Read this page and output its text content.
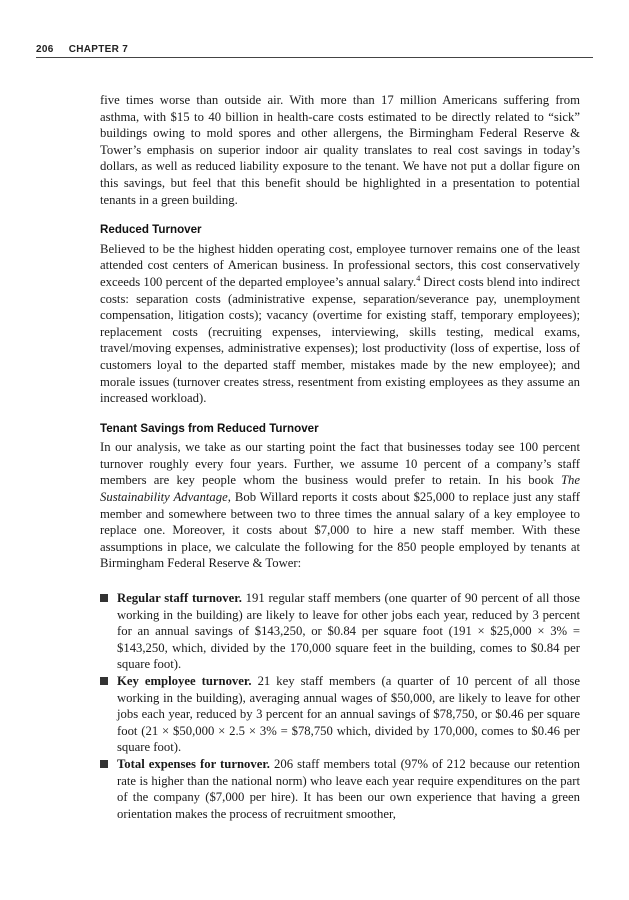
206 CHAPTER 7

five times worse than outside air. With more than 17 million Americans suffering from asthma, with $15 to 40 billion in health-care costs estimated to be directly related to “sick” buildings owing to mold spores and other allergens, the Birmingham Federal Reserve & Tower’s emphasis on superior indoor air quality translates to real cost savings in today’s dollars, as well as reduced liability exposure to the tenant. We have not put a dollar figure on this savings, but feel that this benefit should be highlighted in a presentation to potential tenants in a green building.

Reduced Turnover

Believed to be the highest hidden operating cost, employee turnover remains one of the least attended cost centers of American business. In professional sectors, this cost conservatively exceeds 100 percent of the departed employee’s annual salary.$^4$ Direct costs blend into indirect costs: separation costs (administrative expense, separation/severance pay, unemployment compensation, litigation costs); vacancy (overtime for existing staff, temporary employees); replacement costs (recruiting expenses, interviewing, skills testing, medical exams, travel/moving expenses, administrative expenses); lost productivity (loss of expertise, loss of customers loyal to the departed staff member, mistakes made by the new employee); and morale issues (turnover creates stress, resentment from existing employees as they assume an increased workload).

Tenant Savings from Reduced Turnover

In our analysis, we take as our starting point the fact that businesses today see 100 percent turnover roughly every four years. Further, we assume 10 percent of a company’s staff members are key people whom the business would prefer to retain. In his book The Sustainability Advantage, Bob Willard reports it costs about $25,000 to replace just any staff member and somewhere between two to three times the annual salary of a key employee to replace one. Moreover, it costs about $7,000 to hire a new staff member. With these assumptions in place, we calculate the following for the 850 people employed by tenants at Birmingham Federal Reserve & Tower:

Regular staff turnover. 191 regular staff members (one quarter of 90 percent of all those working in the building) are likely to leave for other jobs each year, reduced by 3 percent for an annual savings of $143,250, or $0.84 per square foot (191 × $25,000 × 3% = $143,250, which, divided by the 170,000 square feet in the building, comes to $0.84 per square foot).
Key employee turnover. 21 key staff members (a quarter of 10 percent of all those working in the building), averaging annual wages of $50,000, are likely to leave for other jobs each year, reduced by 3 percent for an annual savings of $78,750, or $0.46 per square foot (21 × $50,000 × 2.5 × 3% = $78,750 which, divided by 170,000, comes to $0.46 per square foot).
Total expenses for turnover. 206 staff members total (97% of 212 because our retention rate is higher than the national norm) who leave each year require expenditures on the part of the company ($7,000 per hire). It has been our own experience that having a green orientation makes the process of recruitment smoother,
